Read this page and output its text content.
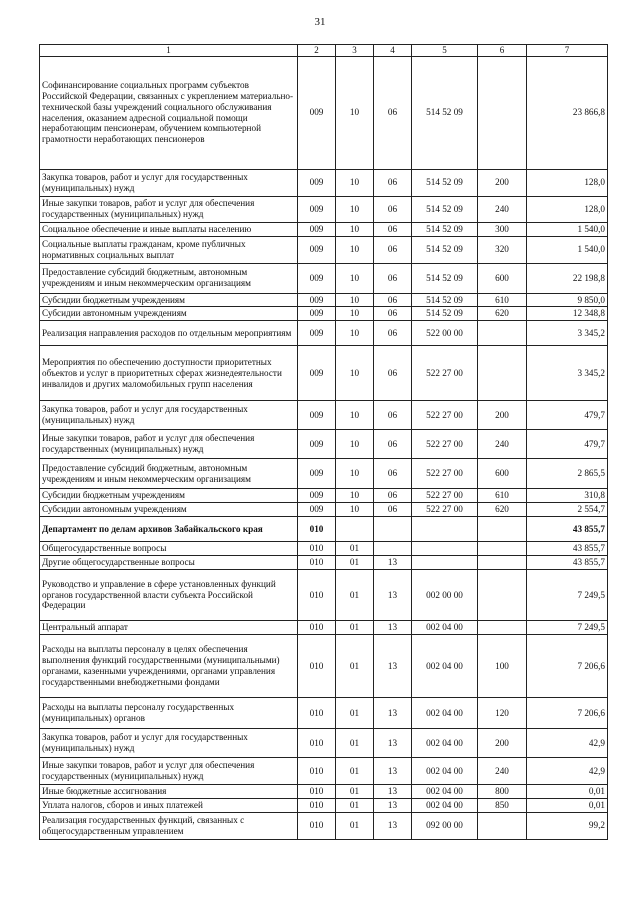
31
1	2	3	4	5	6	7
Софинансирование социальных программ субъектов Российской Федерации, связанных с укреплением материально-технической базы учреждений социального обслуживания населения, оказанием адресной социальной помощи неработающим пенсионерам, обучением компьютерной грамотности неработающих пенсионеров	009	10	06	514 52 09		23 866,8
Закупка товаров, работ и услуг для государственных (муниципальных) нужд	009	10	06	514 52 09	200	128,0
Иные закупки товаров, работ и услуг для обеспечения государственных (муниципальных) нужд	009	10	06	514 52 09	240	128,0
Социальное обеспечение и иные выплаты населению	009	10	06	514 52 09	300	1 540,0
Социальные выплаты гражданам, кроме публичных нормативных социальных выплат	009	10	06	514 52 09	320	1 540,0
Предоставление субсидий бюджетным, автономным учреждениям и иным некоммерческим организациям	009	10	06	514 52 09	600	22 198,8
Субсидии бюджетным учреждениям	009	10	06	514 52 09	610	9 850,0
Субсидии автономным учреждениям	009	10	06	514 52 09	620	12 348,8
Реализация направления расходов по отдельным мероприятиям	009	10	06	522 00 00		3 345,2
Мероприятия по обеспечению доступности приоритетных объектов и услуг в приоритетных сферах жизнедеятельности инвалидов и других маломобильных групп населения	009	10	06	522 27 00		3 345,2
Закупка товаров, работ и услуг для государственных (муниципальных) нужд	009	10	06	522 27 00	200	479,7
Иные закупки товаров, работ и услуг для обеспечения государственных (муниципальных) нужд	009	10	06	522 27 00	240	479,7
Предоставление субсидий бюджетным, автономным учреждениям и иным некоммерческим организациям	009	10	06	522 27 00	600	2 865,5
Субсидии бюджетным учреждениям	009	10	06	522 27 00	610	310,8
Субсидии автономным учреждениям	009	10	06	522 27 00	620	2 554,7
Департамент по делам архивов Забайкальского края	010					43 855,7
Общегосударственные вопросы	010	01				43 855,7
Другие общегосударственные вопросы	010	01	13			43 855,7
Руководство и управление в сфере установленных функций органов государственной власти субъекта Российской Федерации	010	01	13	002 00 00		7 249,5
Центральный аппарат	010	01	13	002 04 00		7 249,5
Расходы на выплаты персоналу в целях обеспечения выполнения функций государственными (муниципальными) органами, казенными учреждениями, органами управления государственными внебюджетными фондами	010	01	13	002 04 00	100	7 206,6
Расходы на выплаты персоналу государственных (муниципальных) органов	010	01	13	002 04 00	120	7 206,6
Закупка товаров, работ и услуг для государственных (муниципальных) нужд	010	01	13	002 04 00	200	42,9
Иные закупки товаров, работ и услуг для обеспечения государственных (муниципальных) нужд	010	01	13	002 04 00	240	42,9
Иные бюджетные ассигнования	010	01	13	002 04 00	800	0,01
Уплата налогов, сборов и иных платежей	010	01	13	002 04 00	850	0,01
Реализация государственных функций, связанных с общегосударственным управлением	010	01	13	092 00 00		99,2
